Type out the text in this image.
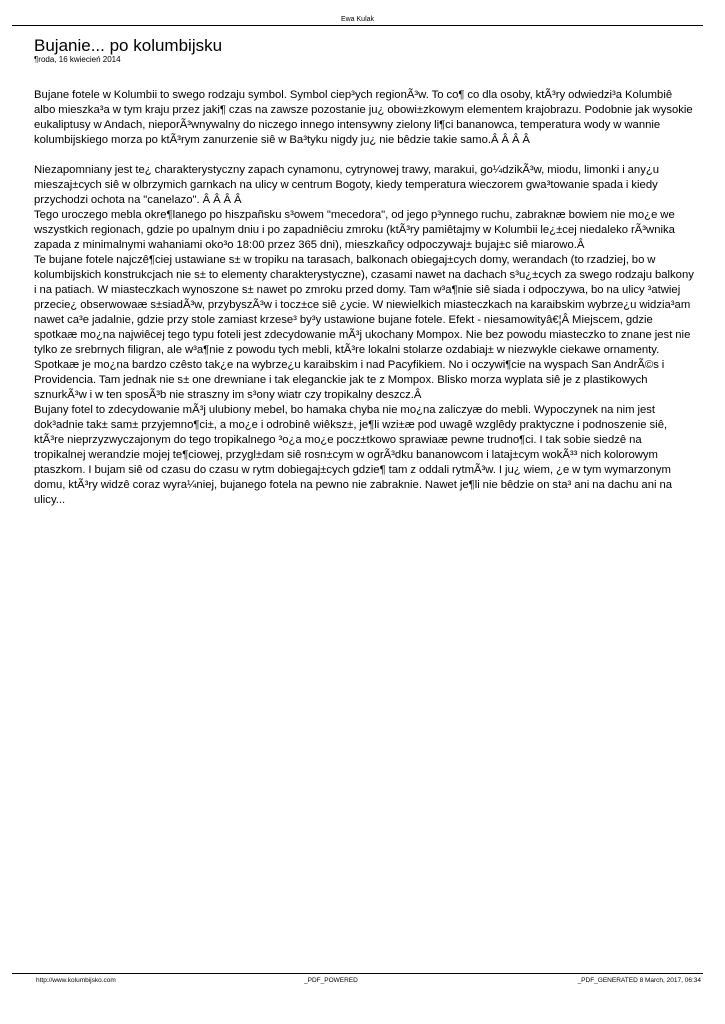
Ewa Kulak
Bujanie... po kolumbijsku
¶roda, 16 kwiecień 2014

Bujane fotele w Kolumbii to swego rodzaju symbol. Symbol ciep³ych regionÃ³w. To co¶ co dla osoby, ktÃ³ry odwiedzi³a Kolumbiê albo mieszka³a w tym kraju przez jaki¶ czas na zawsze pozostanie ju¿ obowi±zkowym elementem krajobrazu. Podobnie jak wysokie eukaliptusy w Andach, nieporÃ³wnywalny do niczego innego intensywny zielony li¶ci bananowca, temperatura wody w wannie kolumbijskiego morza po ktÃ³rym zanurzenie siê w Ba³tyku nigdy ju¿ nie bêdzie takie samo.Â Â Â Â

Niezapomniany jest te¿ charakterystyczny zapach cynamonu, cytrynowej trawy, marakui, go¼dzikÃ³w, miodu, limonki i any¿u mieszaj±cych siê w olbrzymich garnkach na ulicy w centrum Bogoty, kiedy temperatura wieczorem gwa³towanie spada i kiedy przychodzi ochota na "canelazo". Â Â Â Â

Tego uroczego mebla okre¶lanego po hiszpañsku s³owem "mecedora", od jego p³ynnego ruchu, zabraknæ bowiem nie mo¿e we wszystkich regionach, gdzie po upalnym dniu i po zapadniêciu zmroku (ktÃ³ry pamiêtajmy w Kolumbii le¿±cej niedaleko rÃ³wnika zapada z minimalnymi wahaniami oko³o 18:00 przez 365 dni), mieszkañcy odpoczywaj± bujaj±c siê miarowo.Â

Te bujane fotele najczê¶ciej ustawiane s± w tropiku na tarasach, balkonach obiegaj±cych domy, werandach (to rzadziej, bo w kolumbijskich konstrukcjach nie s± to elementy charakterystyczne), czasami nawet na dachach s³u¿±cych za swego rodzaju balkony i na patiach. W miasteczkach wynoszone s± nawet po zmroku przed domy. Tam w³a¶nie siê siada i odpoczywa, bo na ulicy ³atwiej przecie¿ obserwowaæ s±siadÃ³w, przybyszÃ³w i tocz±ce siê ¿ycie. W niewielkich miasteczkach na karaibskim wybrze¿u widzia³am nawet ca³e jadalnie, gdzie przy stole zamiast krzese³ by³y ustawione bujane fotele. Efekt - niesamowityâ€¦Â Miejscem, gdzie spotkaæ mo¿na najwiêcej tego typu foteli jest zdecydowanie mÃ³j ukochany Mompox. Nie bez powodu miasteczko to znane jest nie tylko ze srebrnych filigran, ale w³a¶nie z powodu tych mebli, ktÃ³re lokalni stolarze ozdabiaj± w niezwykle ciekawe ornamenty. Spotkaæ je mo¿na bardzo czêsto tak¿e na wybrze¿u karaibskim i nad Pacyfikiem. No i oczywi¶cie na wyspach San AndrÃ©s i Providencia. Tam jednak nie s± one drewniane i tak eleganckie jak te z Mompox. Blisko morza wyplata siê je z plastikowych sznurkÃ³w i w ten sposÃ³b nie straszny im s³ony wiatr czy tropikalny deszcz.Â

Bujany fotel to zdecydowanie mÃ³j ulubiony mebel, bo hamaka chyba nie mo¿na zaliczyæ do mebli. Wypoczynek na nim jest dok³adnie tak± sam± przyjemno¶ci±, a mo¿e i odrobinê wiêksz±, je¶li wzi±æ pod uwagê wzglêdy praktyczne i podnoszenie siê, ktÃ³re nieprzyzwyczajonym do tego tropikalnego ³o¿a mo¿e pocz±tkowo sprawiaæ pewne trudno¶ci. I tak sobie siedzê na tropikalnej werandzie mojej te¶ciowej, przygl±dam siê rosn±cym w ogrÃ³dku bananowcom i lataj±cym wokÃ³³ nich kolorowym ptaszkom. I bujam siê od czasu do czasu w rytm dobiegaj±cych gdzie¶ tam z oddali rytmÃ³w. I ju¿ wiem, ¿e w tym wymarzonym domu, ktÃ³ry widzê coraz wyra¼niej, bujanego fotela na pewno nie zabraknie. Nawet je¶li nie bêdzie on sta³ ani na dachu ani na ulicy...

http://www.kolumbijsko.com	_PDF_POWERED	_PDF_GENERATED 8 March, 2017, 06:34
